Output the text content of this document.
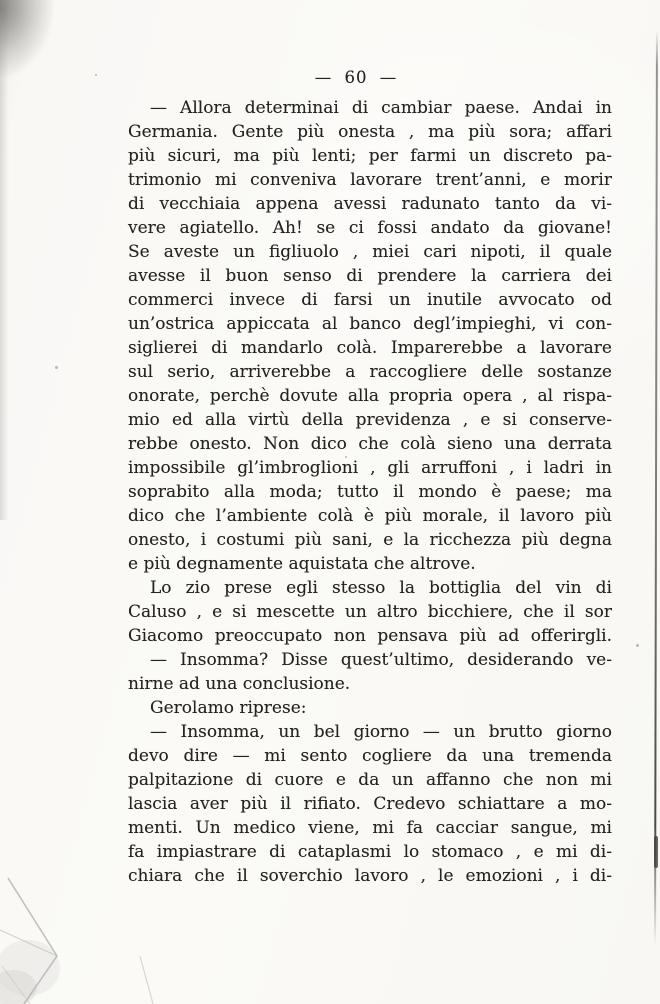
— 60 —
— Allora determinai di cambiar paese. Andai in
Germania. Gente più onesta , ma più sora; affari
più sicuri, ma più lenti; per farmi un discreto pa-
trimonio mi conveniva lavorare trent’anni, e morir
di vecchiaia appena avessi radunato tanto da vi-
vere agiatello. Ah! se ci fossi andato da giovane!
Se aveste un figliuolo , miei cari nipoti, il quale
avesse il buon senso di prendere la carriera dei
commerci invece di farsi un inutile avvocato od
un’ostrica appiccata al banco degl’impieghi, vi con-
siglierei di mandarlo colà. Imparerebbe a lavorare
sul serio, arriverebbe a raccogliere delle sostanze
onorate, perchè dovute alla propria opera , al rispa-
mio ed alla virtù della previdenza , e si conserve-
rebbe onesto. Non dico che colà sieno una derrata
impossibile gl’imbroglioni , gli arruffoni , i ladri in
soprabito alla moda; tutto il mondo è paese; ma
dico che l’ambiente colà è più morale, il lavoro più
onesto, i costumi più sani, e la ricchezza più degna
e più degnamente aquistata che altrove.
Lo zio prese egli stesso la bottiglia del vin di
Caluso , e si mescette un altro bicchiere, che il sor
Giacomo preoccupato non pensava più ad offerirgli.
— Insomma? Disse quest’ultimo, desiderando ve-
nirne ad una conclusione.
Gerolamo riprese:
— Insomma, un bel giorno — un brutto giorno
devo dire — mi sento cogliere da una tremenda
palpitazione di cuore e da un affanno che non mi
lascia aver più il rifiato. Credevo schiattare a mo-
menti. Un medico viene, mi fa cacciar sangue, mi
fa impiastrare di cataplasmi lo stomaco , e mi di-
chiara che il soverchio lavoro , le emozioni , i di-
